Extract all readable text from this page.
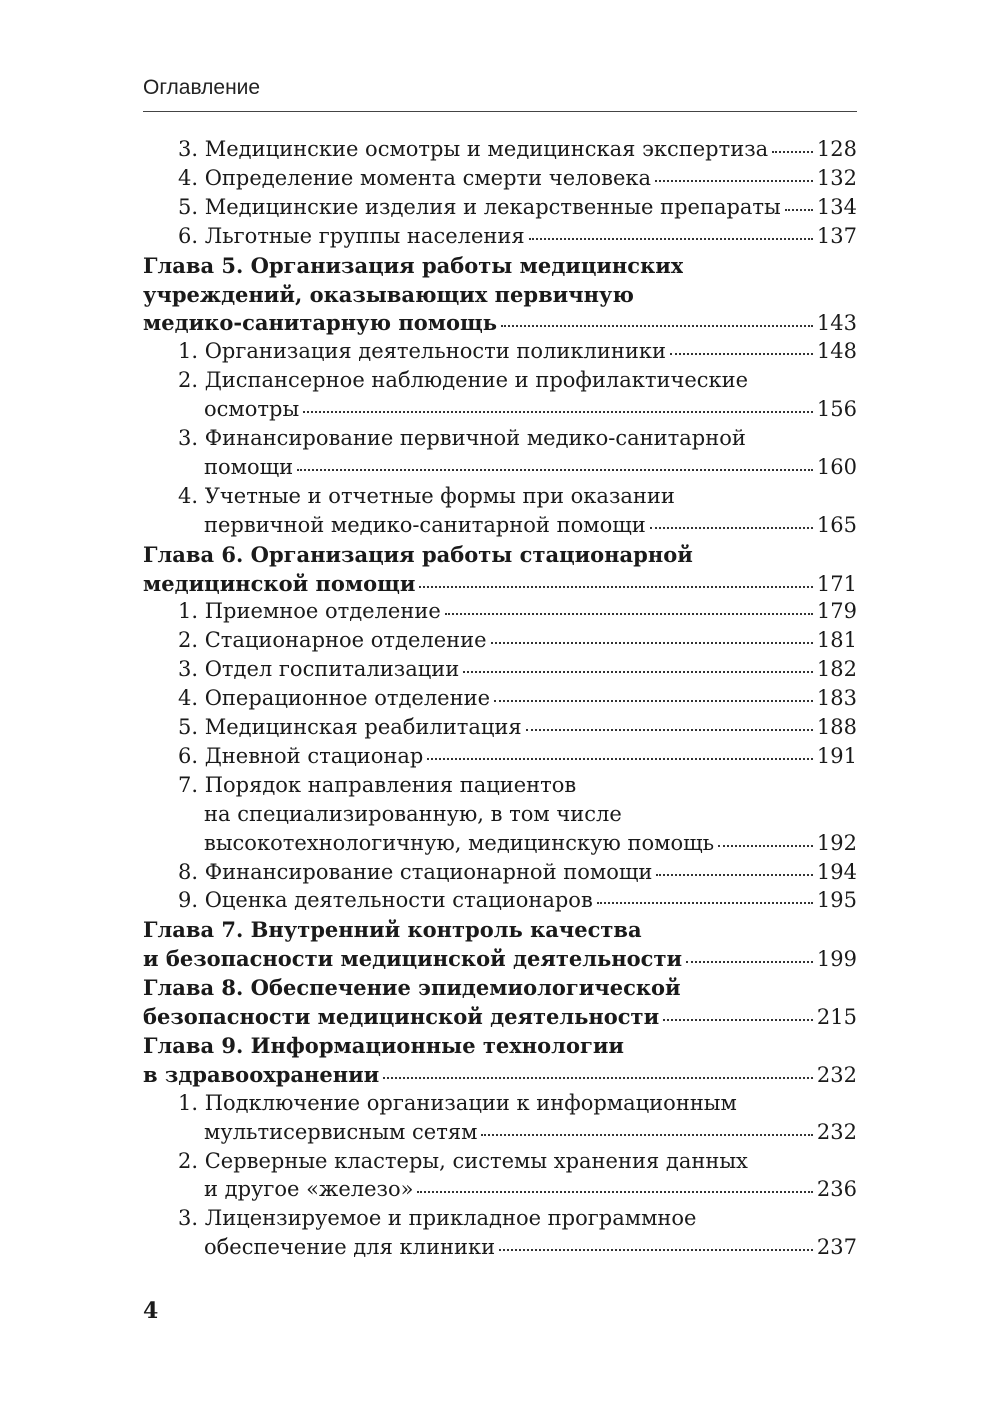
Оглавление
3. Медицинские осмотры и медицинская экспертиза 128
4. Определение момента смерти человека	132
5. Медицинские изделия и лекарственные препараты 134
6. Льготные группы населения	137
Глава 5. Организация работы медицинских
учреждений, оказывающих первичную
медико-санитарную помощь	143
1. Организация деятельности поликлиники	148
2. Диспансерное наблюдение и профилактические
осмотры	156
3. Финансирование первичной медико-санитарной
помощи	160
4. Учетные и отчетные формы при оказании
первичной медико-санитарной помощи	165
Глава 6. Организация работы стационарной
медицинской помощи	171
1. Приемное отделение	179
2. Стационарное отделение	181
3. Отдел госпитализации	182
4. Операционное отделение	183
5. Медицинская реабилитация	188
6. Дневной стационар	191
7. Порядок направления пациентов
на специализированную, в том числе
высокотехнологичную, медицинскую помощь	192
8. Финансирование стационарной помощи	194
9. Оценка деятельности стационаров	195
Глава 7. Внутренний контроль качества
и безопасности медицинской деятельности	199
Глава 8. Обеспечение эпидемиологической
безопасности медицинской деятельности	215
Глава 9. Информационные технологии
в здравоохранении	232
1. Подключение организации к информационным
мультисервисным сетям	232
2. Серверные кластеры, системы хранения данных
и другое «железо»	236
3. Лицензируемое и прикладное программное
обеспечение для клиники	237
4
